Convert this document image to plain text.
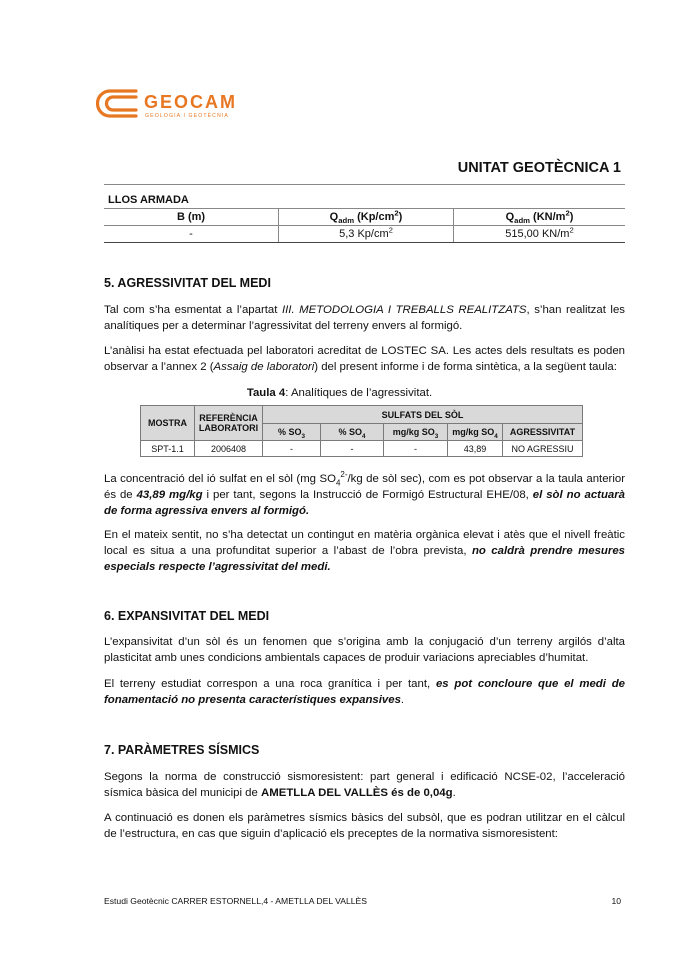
GEOCAM
GEOLOGIA I GEOTÈCNIA
UNITAT GEOTÈCNICA 1
LLOS ARMADA
B (m)	$Q_{adm}$ $(Kp/cm^2)$	$Q_{adm}$ $(KN/m^2)$
-	5,3 $Kp/cm^2$	515,00 $KN/m^2$
5. AGRESSIVITAT DEL MEDI

Tal com s’ha esmentat a l’apartat III. METODOLOGIA I TREBALLS REALITZATS, s’han realitzat les analítiques per a determinar l’agressivitat del terreny envers al formigó.

L’anàlisi ha estat efectuada pel laboratori acreditat de LOSTEC SA. Les actes dels resultats es poden observar a l’annex 2 (Assaig de laboratori) del present informe i de forma sintètica, a la següent taula:

Taula 4: Analítiques de l’agressivitat.
MOSTRA	REFERÈNCIA LABORATORI	SULFATS DEL SÒL				
		% $SO_3$	% $SO_4$	mg/kg $SO_3$	mg/kg $SO_4$	AGRESSIVITAT
SPT-1.1	2006408	-	-	-	43,89	NO AGRESSIU

La concentració del ió sulfat en el sòl (mg $SO_4^{2-}/kg$ de sòl sec), com es pot observar a la taula anterior és de 43,89 mg/kg i per tant, segons la Instrucció de Formigó Estructural EHE/08, el sòl no actuarà de forma agressiva envers al formigó.

En el mateix sentit, no s’ha detectat un contingut en matèria orgànica elevat i atès que el nivell freàtic local es situa a una profunditat superior a l’abast de l’obra prevista, no caldrà prendre mesures especials respecte l’agressivitat del medi.

6. EXPANSIVITAT DEL MEDI

L’expansivitat d’un sòl és un fenomen que s’origina amb la conjugació d’un terreny argilós d’alta plasticitat amb unes condicions ambientals capaces de produir variacions apreciables d’humitat.

El terreny estudiat correspon a una roca granítica i per tant, es pot concloure que el medi de fonamentació no presenta característiques expansives.

7. PARÀMETRES SÍSMICS

Segons la norma de construcció sismoresistent: part general i edificació NCSE-02, l’acceleració sísmica bàsica del municipi de AMETLLA DEL VALLÈS és de 0,04g.

A continuació es donen els paràmetres sísmics bàsics del subsòl, que es podran utilitzar en el càlcul de l’estructura, en cas que siguin d’aplicació els preceptes de la normativa sismoresistent:

Estudi Geotècnic CARRER ESTORNELL,4 - AMETLLA DEL VALLÈS	10
